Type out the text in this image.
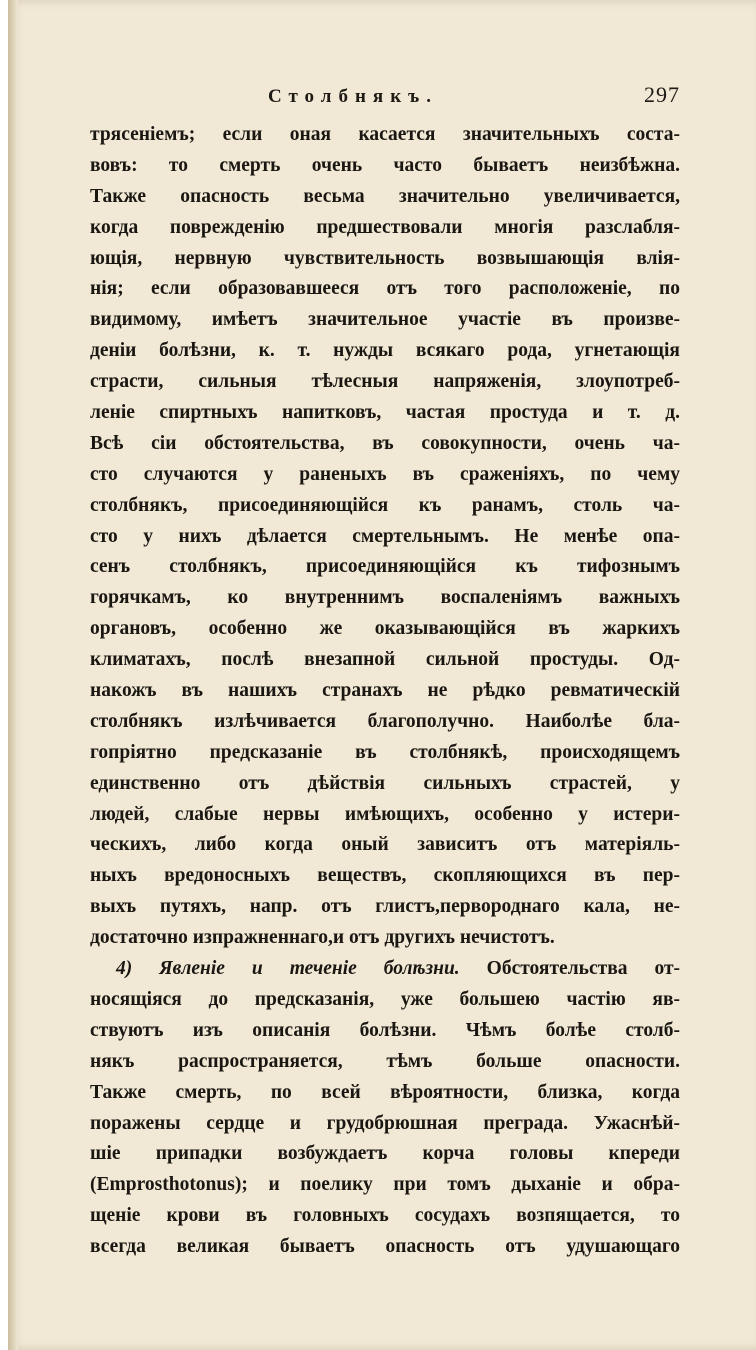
Столбнякъ.	297
трясеніемъ; если оная касается значительныхъ соста-
вовъ: то смерть очень часто бываетъ неизбѣжна.
Также опасность весьма значительно увеличивается,
когда поврежденію предшествовали многія разслабля-
ющія, нервную чувствительность возвышающія влія-
нія; если образовавшееся отъ того расположеніе, по
видимому, имѣетъ значительное участіе въ произве-
деніи болѣзни, к. т. нужды всякаго рода, угнетающія
страсти, сильныя тѣлесныя напряженія, злоупотреб-
леніе спиртныхъ напитковъ, частая простуда и т. д.
Всѣ сіи обстоятельства, въ совокупности, очень ча-
сто случаются у раненыхъ въ сраженіяхъ, по чему
столбнякъ, присоединяющійся къ ранамъ, столь ча-
сто у нихъ дѣлается смертельнымъ. Не менѣе опа-
сенъ столбнякъ, присоединяющійся къ тифознымъ
горячкамъ, ко внутреннимъ воспаленіямъ важныхъ
органовъ, особенно же оказывающійся въ жаркихъ
климатахъ, послѣ внезапной сильной простуды. Од-
накожъ въ нашихъ странахъ не рѣдко ревматическій
столбнякъ излѣчивается благополучно. Наиболѣе бла-
гопріятно предсказаніе въ столбнякѣ, происходящемъ
единственно отъ дѣйствія сильныхъ страстей, у
людей, слабые нервы имѣющихъ, особенно у истери-
ческихъ, либо когда оный зависитъ отъ матеріяль-
ныхъ вредоносныхъ веществъ, скопляющихся въ пер-
выхъ путяхъ, напр. отъ глистъ,первороднаго кала, не-
достаточно изпражненнаго,и отъ другихъ нечистотъ.
4) Явленіе и теченіе болѣзни. Обстоятельства от-
носящіяся до предсказанія, уже большею частію яв-
ствуютъ изъ описанія болѣзни. Чѣмъ болѣе столб-
някъ распространяется, тѣмъ больше опасности.
Также смерть, по всей вѣроятности, близка, когда
поражены сердце и грудобрюшная преграда. Ужаснѣй-
шіе припадки возбуждаетъ корча головы кпереди
(Emprosthotonus); и поелику при томъ дыханіе и обра-
щеніе крови въ головныхъ сосудахъ возпящается, то
всегда великая бываетъ опасность отъ удушающаго
